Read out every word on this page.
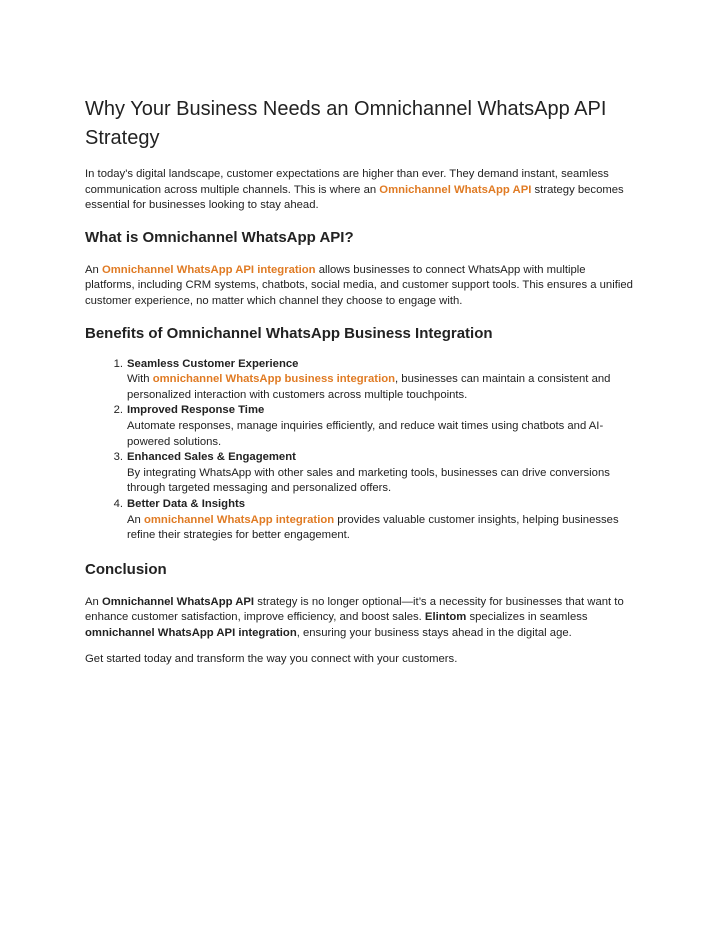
Why Your Business Needs an Omnichannel WhatsApp API Strategy

In today's digital landscape, customer expectations are higher than ever. They demand instant, seamless communication across multiple channels. This is where an Omnichannel WhatsApp API strategy becomes essential for businesses looking to stay ahead.

What is Omnichannel WhatsApp API?

An Omnichannel WhatsApp API integration allows businesses to connect WhatsApp with multiple platforms, including CRM systems, chatbots, social media, and customer support tools. This ensures a unified customer experience, no matter which channel they choose to engage with.

Benefits of Omnichannel WhatsApp Business Integration
1. Seamless Customer Experience
With omnichannel WhatsApp business integration, businesses can maintain a consistent and personalized interaction with customers across multiple touchpoints.
2. Improved Response Time
Automate responses, manage inquiries efficiently, and reduce wait times using chatbots and AI-powered solutions.
3. Enhanced Sales & Engagement
By integrating WhatsApp with other sales and marketing tools, businesses can drive conversions through targeted messaging and personalized offers.
4. Better Data & Insights
An omnichannel WhatsApp integration provides valuable customer insights, helping businesses refine their strategies for better engagement.
Conclusion

An Omnichannel WhatsApp API strategy is no longer optional—it’s a necessity for businesses that want to enhance customer satisfaction, improve efficiency, and boost sales. Elintom specializes in seamless omnichannel WhatsApp API integration, ensuring your business stays ahead in the digital age.

Get started today and transform the way you connect with your customers.
